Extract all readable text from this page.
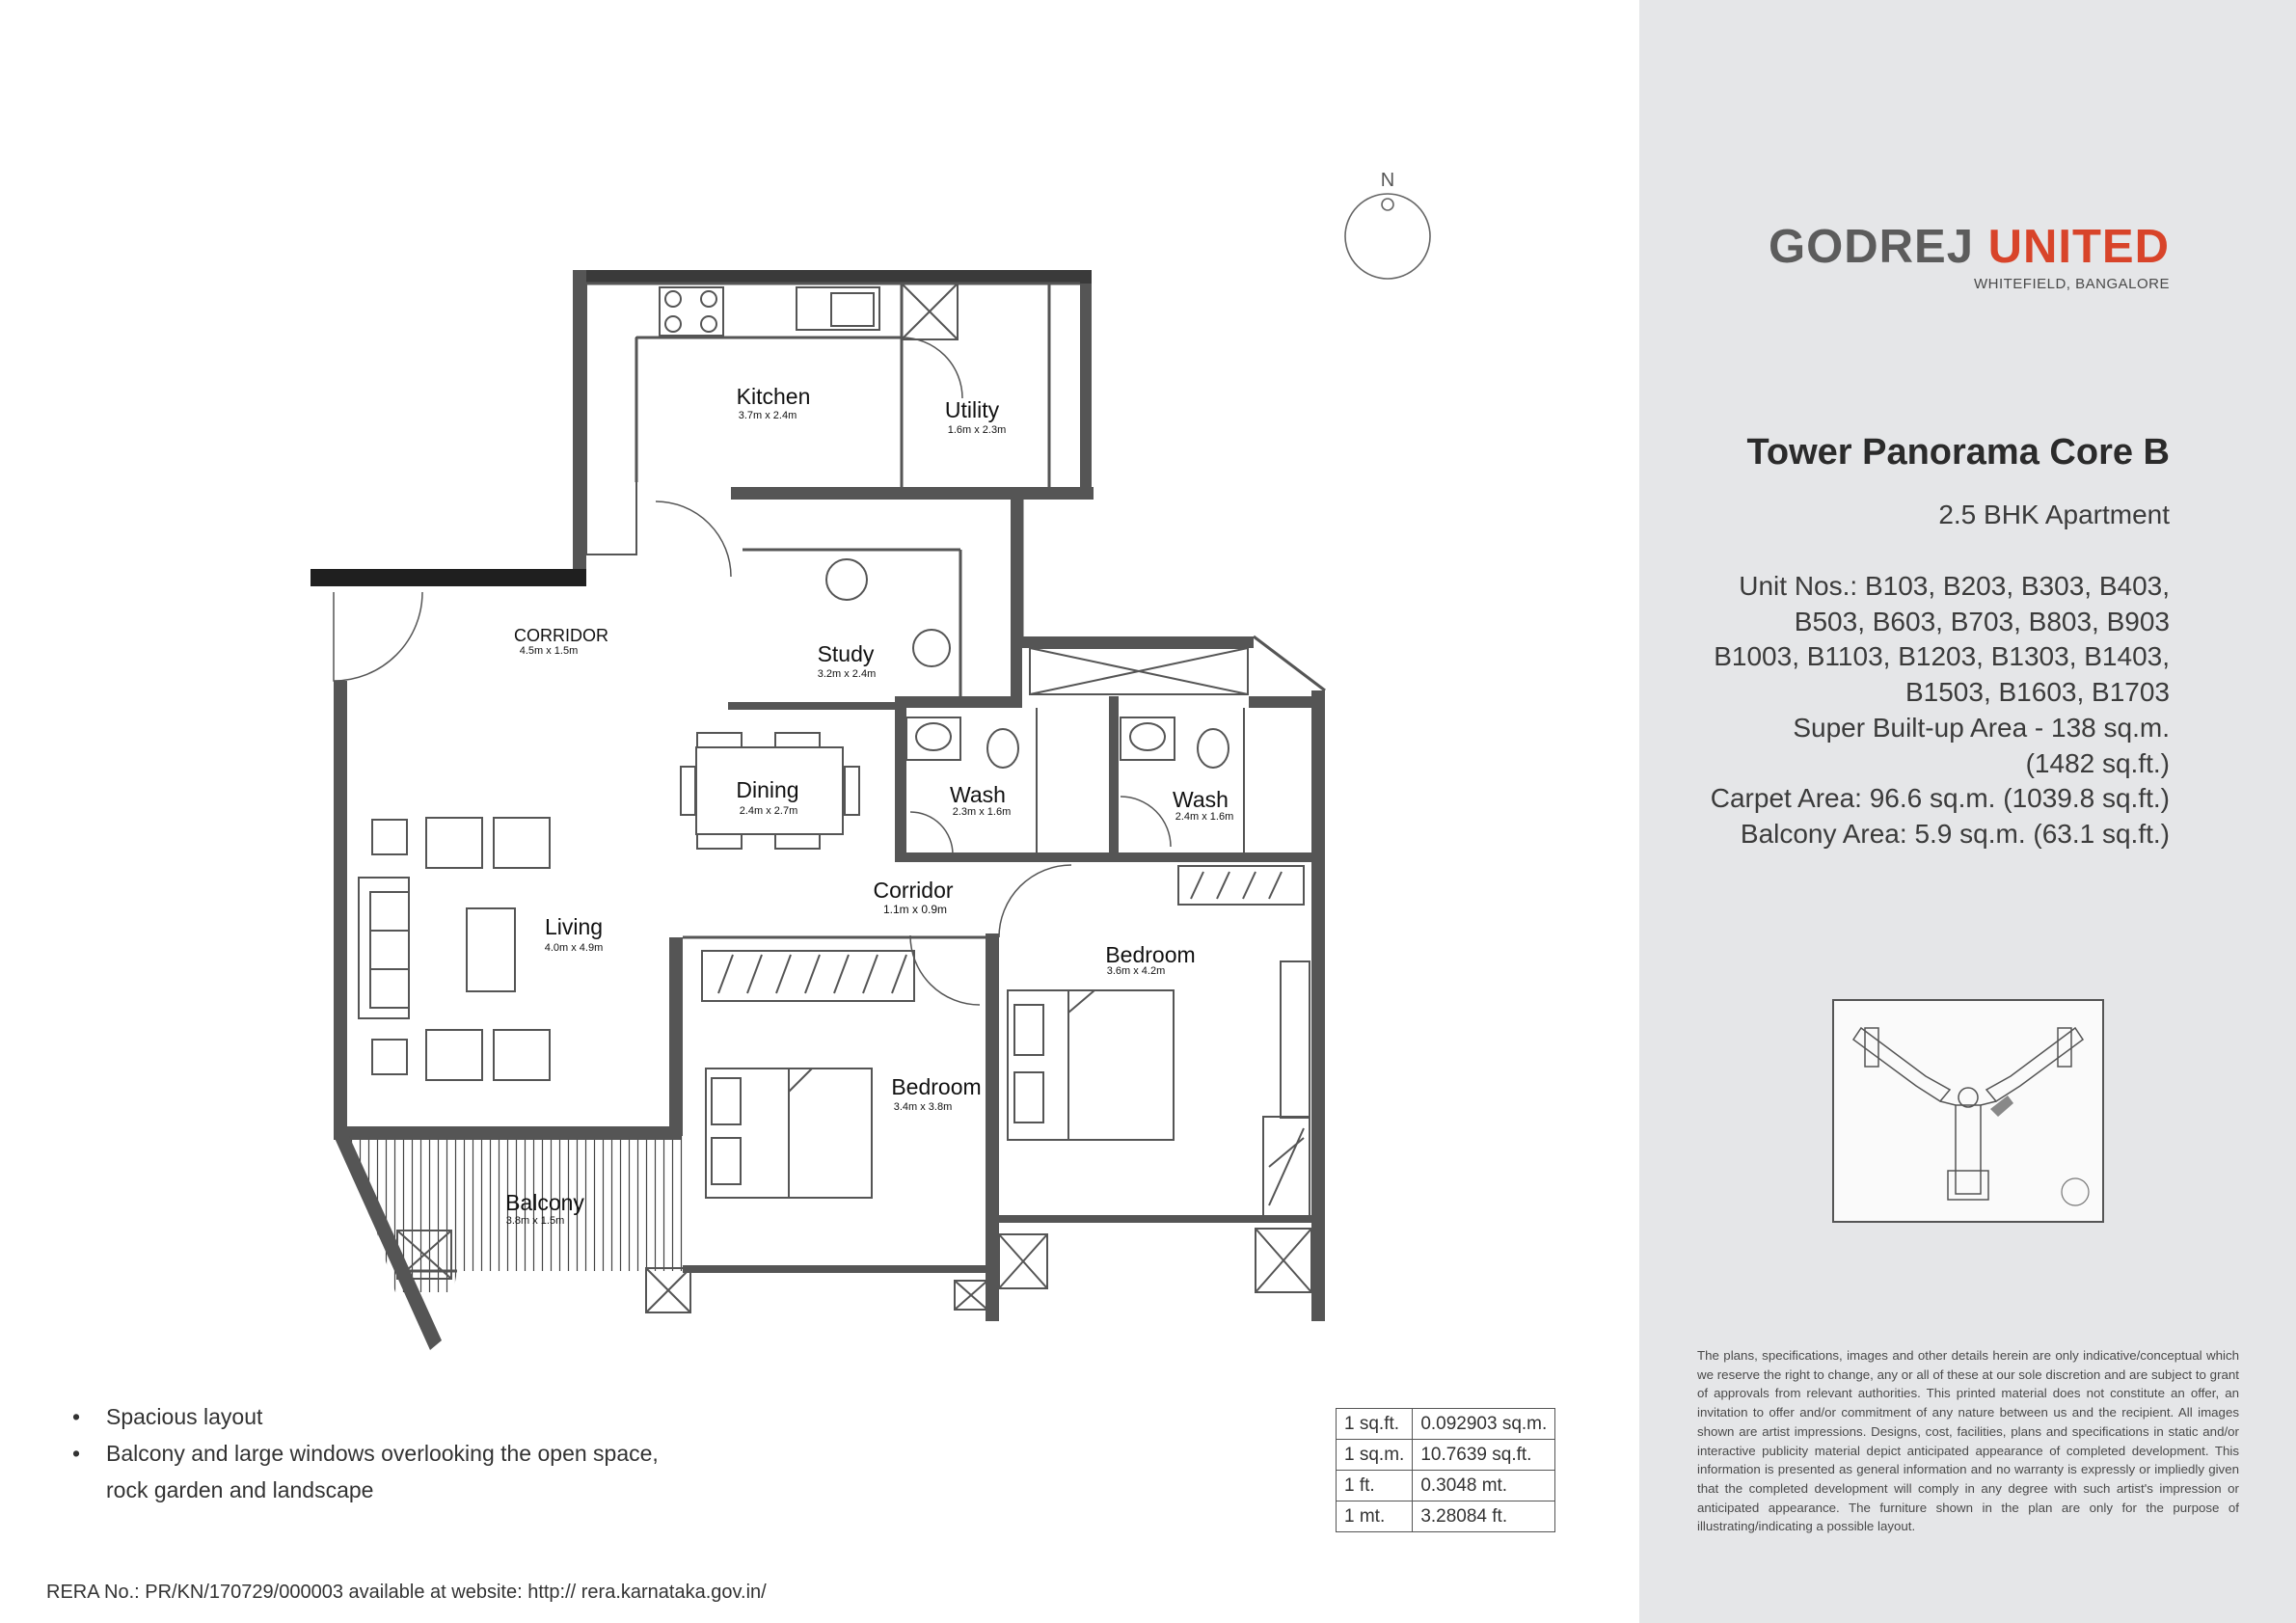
N
Kitchen
3.7m x 2.4m	Utility
1.6m x 2.3m
CORRIDOR
4.5m x 1.5m	Study
3.2m x 2.4m
Dining
2.4m x 2.7m
Wash
2.3m x 1.6m	Wash
2.4m x 1.6m
Corridor
1.1m x 0.9m
Living
4.0m x 4.9m	Bedroom
3.6m x 4.2m
Bedroom
3.4m x 3.8m
Balcony
3.8m x 1.5m
GODREJ UNITED
WHITEFIELD, BANGALORE
Tower Panorama Core B
2.5 BHK Apartment
Unit Nos.: B103, B203, B303, B403,
B503, B603, B703, B803, B903
B1003, B1103, B1203, B1303, B1403,
B1503, B1603, B1703
Super Built-up Area - 138 sq.m.
(1482 sq.ft.)
Carpet Area: 96.6 sq.m. (1039.8 sq.ft.)
Balcony Area: 5.9 sq.m. (63.1 sq.ft.)
The plans, specifications, images and other details herein are only indicative/conceptual which we reserve the right to change, any or all of these at our sole discretion and are subject to grant of approvals from relevant authorities. This printed material does not constitute an offer, an invitation to offer and/or commitment of any nature between us and the recipient. All images shown are artist impressions. Designs, cost, facilities, plans and specifications in static and/or interactive publicity material depict anticipated appearance of completed development. This information is presented as general information and no warranty is expressly or impliedly given that the completed development will comply in any degree with such artist's impression or anticipated appearance. The furniture shown in the plan are only for the purpose of illustrating/indicating a possible layout.
• Spacious layout
• Balcony and large windows overlooking the open space,
rock garden and landscape
1 sq.ft.	0.092903 sq.m.
1 sq.m.	10.7639 sq.ft.
1 ft.	0.3048 mt.
1 mt.	3.28084 ft.
RERA No.: PR/KN/170729/000003 available at website: http:// rera.karnataka.gov.in/
